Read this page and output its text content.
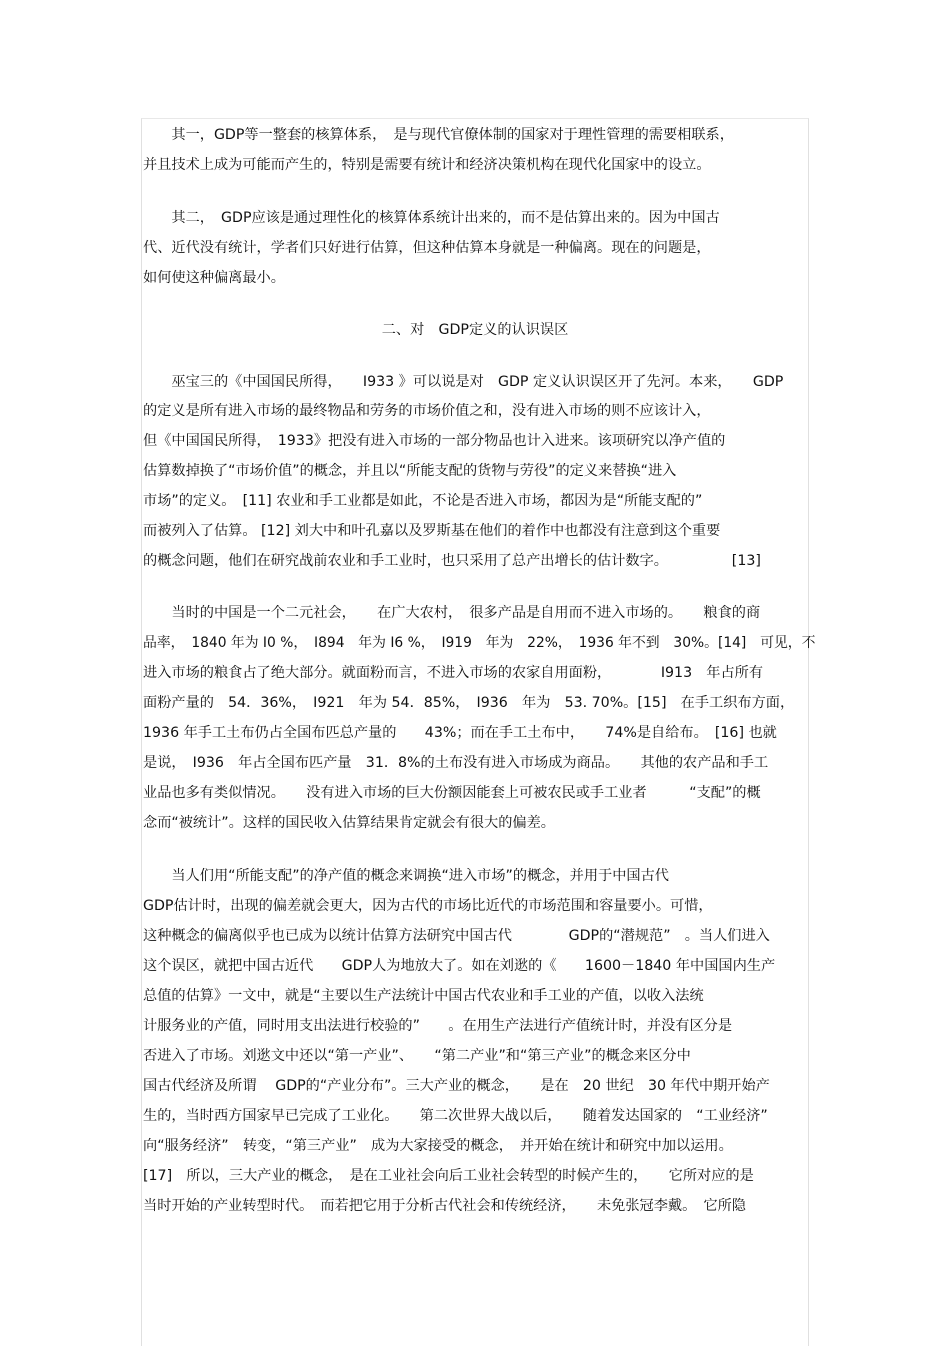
　　其一，GDP等一整套的核算体系，　是与现代官僚体制的国家对于理性管理的需要相联系，
并且技术上成为可能而产生的，特别是需要有统计和经济决策机构在现代化国家中的设立。
　　其二，　GDP应该是通过理性化的核算体系统计出来的，而不是估算出来的。因为中国古
代、近代没有统计，学者们只好进行估算，但这种估算本身就是一种偏离。现在的问题是，
如何使这种偏离最小。
二、对　GDP定义的认识误区
　　巫宝三的《中国国民所得，　　I933 》可以说是对　GDP 定义认识误区开了先河。本来，　　GDP
的定义是所有进入市场的最终物品和劳务的市场价值之和，没有进入市场的则不应该计入，
但《中国国民所得，　1933》把没有进入市场的一部分物品也计入进来。该项研究以净产值的
估算数掉换了“市场价值”的概念，并且以“所能支配的货物与劳役”的定义来替换“进入
市场”的定义。　[11] 农业和手工业都是如此，不论是否进入市场，都因为是“所能支配的”
而被列入了估算。 [12] 刘大中和叶孔嘉以及罗斯基在他们的着作中也都没有注意到这个重要
的概念问题，他们在研究战前农业和手工业时，也只采用了总产出增长的估计数字。　　　　　[13]
　　当时的中国是一个二元社会，　　在广大农村，　很多产品是自用而不进入市场的。　　粮食的商
品率，　1840 年为 I0 %，　I894　年为 I6 %，　I919　年为　22%，　1936 年不到　30%。[14]　可见，不
进入市场的粮食占了绝大部分。就面粉而言，不进入市场的农家自用面粉，　　　　I913　年占所有
面粉产量的　54．36%，　I921　年为 54．85%，　I936　年为　53. 70%。[15]　在手工织布方面，
1936 年手工土布仍占全国布匹总产量的　　43%；而在手工土布中，　　74%是自给布。　[16] 也就
是说，　I936　年占全国布匹产量　31．8%的土布没有进入市场成为商品。　　其他的农产品和手工
业品也多有类似情况。　　没有进入市场的巨大份额因能套上可被农民或手工业者　　　“支配”的概
念而“被统计”。这样的国民收入估算结果肯定就会有很大的偏差。
　　当人们用“所能支配”的净产值的概念来调换“进入市场”的概念，并用于中国古代
GDP估计时，出现的偏差就会更大，因为古代的市场比近代的市场范围和容量要小。可惜，
这种概念的偏离似乎也已成为以统计估算方法研究中国古代　　　　GDP的“潜规范”　。当人们进入
这个误区，就把中国古近代　　GDP人为地放大了。如在刘逖的《　　1600－1840 年中国国内生产
总值的估算》一文中，就是“主要以生产法统计中国古代农业和手工业的产值，以收入法统
计服务业的产值，同时用支出法进行校验的”　　。在用生产法进行产值统计时，并没有区分是
否进入了市场。刘逖文中还以“第一产业”、　　“第二产业”和“第三产业”的概念来区分中
国古代经济及所谓　 GDP的“产业分布”。三大产业的概念，　　是在　20 世纪　30 年代中期开始产
生的，当时西方国家早已完成了工业化。　　第二次世界大战以后，　　随着发达国家的　“工业经济”
向“服务经济”　转变，“第三产业”　成为大家接受的概念，　并开始在统计和研究中加以运用。
[17]　所以，三大产业的概念，　是在工业社会向后工业社会转型的时候产生的，　　它所对应的是
当时开始的产业转型时代。　而若把它用于分析古代社会和传统经济，　　未免张冠李戴。　它所隐
